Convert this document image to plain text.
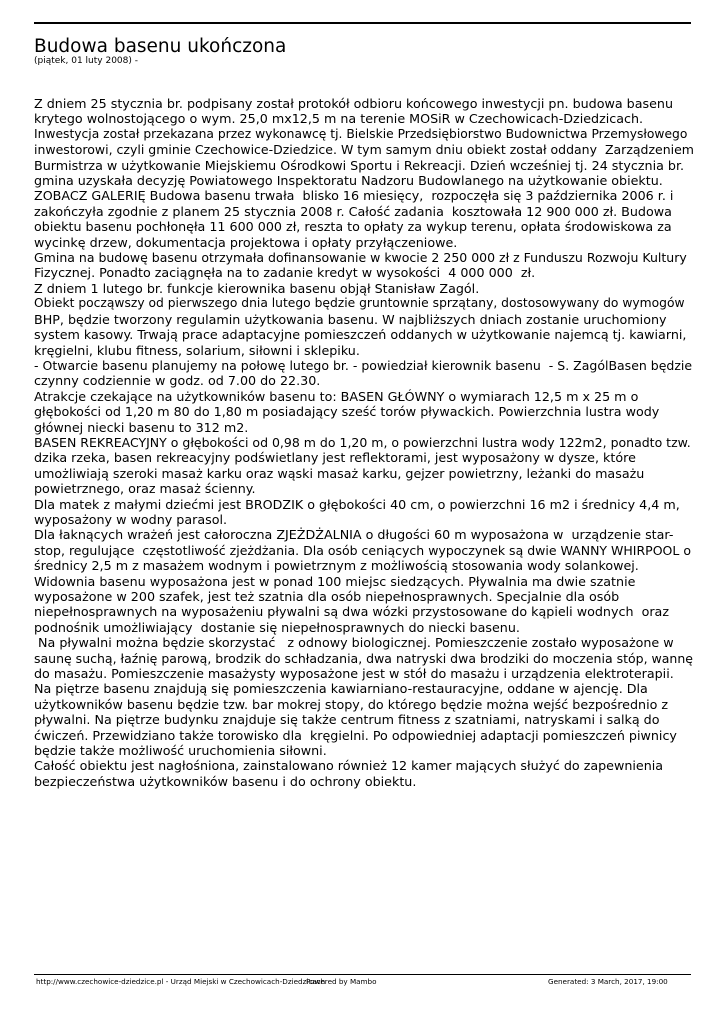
Budowa basenu ukończona
(piątek, 01 luty 2008) -
Z dniem 25 stycznia br. podpisany został protokół odbioru końcowego inwestycji pn. budowa basenu
krytego wolnostojącego o wym. 25,0 mx12,5 m na terenie MOSiR w Czechowicach-Dziedzicach.
Inwestycja został przekazana przez wykonawcę tj. Bielskie Przedsiębiorstwo Budownictwa Przemysłowego
inwestorowi, czyli gminie Czechowice-Dziedzice. W tym samym dniu obiekt został oddany  Zarządzeniem
Burmistrza w użytkowanie Miejskiemu Ośrodkowi Sportu i Rekreacji. Dzień wcześniej tj. 24 stycznia br.
gmina uzyskała decyzję Powiatowego Inspektoratu Nadzoru Budowlanego na użytkowanie obiektu.
ZOBACZ GALERIĘ Budowa basenu trwała  blisko 16 miesięcy,  rozpoczęła się 3 października 2006 r. i
zakończyła zgodnie z planem 25 stycznia 2008 r. Całość zadania  kosztowała 12 900 000 zł. Budowa
obiektu basenu pochłonęła 11 600 000 zł, reszta to opłaty za wykup terenu, opłata środowiskowa za
wycinkę drzew, dokumentacja projektowa i opłaty przyłączeniowe.
Gmina na budowę basenu otrzymała dofinansowanie w kwocie 2 250 000 zł z Funduszu Rozwoju Kultury
Fizycznej. Ponadto zaciągnęła na to zadanie kredyt w wysokości  4 000 000  zł.
Z dniem 1 lutego br. funkcje kierownika basenu objął Stanisław Zagól.
Obiekt począwszy od pierwszego dnia lutego będzie gruntownie sprzątany, dostosowywany do wymogów
BHP, będzie tworzony regulamin użytkowania basenu. W najbliższych dniach zostanie uruchomiony
system kasowy. Trwają prace adaptacyjne pomieszczeń oddanych w użytkowanie najemcą tj. kawiarni,
kręgielni, klubu fitness, solarium, siłowni i sklepiku.
- Otwarcie basenu planujemy na połowę lutego br. - powiedział kierownik basenu  - S. ZagólBasen będzie
czynny codziennie w godz. od 7.00 do 22.30.
Atrakcje czekające na użytkowników basenu to: BASEN GŁÓWNY o wymiarach 12,5 m x 25 m o
głębokości od 1,20 m 80 do 1,80 m posiadający sześć torów pływackich. Powierzchnia lustra wody
głównej niecki basenu to 312 m2.
BASEN REKREACYJNY o głębokości od 0,98 m do 1,20 m, o powierzchni lustra wody 122m2, ponadto tzw.
dzika rzeka, basen rekreacyjny podświetlany jest reflektorami, jest wyposażony w dysze, które
umożliwiają szeroki masaż karku oraz wąski masaż karku, gejzer powietrzny, leżanki do masażu
powietrznego, oraz masaż ścienny.
Dla matek z małymi dziećmi jest BRODZIK o głębokości 40 cm, o powierzchni 16 m2 i średnicy 4,4 m,
wyposażony w wodny parasol.
Dla łaknących wrażeń jest całoroczna ZJEŻDŻALNIA o długości 60 m wyposażona w  urządzenie star-
stop, regulujące  częstotliwość zjeżdżania. Dla osób ceniących wypoczynek są dwie WANNY WHIRPOOL o
średnicy 2,5 m z masażem wodnym i powietrznym z możliwością stosowania wody solankowej.
Widownia basenu wyposażona jest w ponad 100 miejsc siedzących. Pływalnia ma dwie szatnie
wyposażone w 200 szafek, jest też szatnia dla osób niepełnosprawnych. Specjalnie dla osób
niepełnosprawnych na wyposażeniu pływalni są dwa wózki przystosowane do kąpieli wodnych  oraz
podnośnik umożliwiający  dostanie się niepełnosprawnych do niecki basenu.
Na pływalni można będzie skorzystać   z odnowy biologicznej. Pomieszczenie zostało wyposażone w
saunę suchą, łaźnię parową, brodzik do schładzania, dwa natryski dwa brodziki do moczenia stóp, wannę
do masażu. Pomieszczenie masażysty wyposażone jest w stół do masażu i urządzenia elektroterapii.
Na piętrze basenu znajdują się pomieszczenia kawiarniano-restauracyjne, oddane w ajencję. Dla
użytkowników basenu będzie tzw. bar mokrej stopy, do którego będzie można wejść bezpośrednio z
pływalni. Na piętrze budynku znajduje się także centrum fitness z szatniami, natryskami i salką do
ćwiczeń. Przewidziano także torowisko dla  kręgielni. Po odpowiedniej adaptacji pomieszczeń piwnicy
będzie także możliwość uruchomienia siłowni.
Całość obiektu jest nagłośniona, zainstalowano również 12 kamer mających służyć do zapewnienia
bezpieczeństwa użytkowników basenu i do ochrony obiektu.
http://www.czechowice-dziedzice.pl - Urząd Miejski w Czechowicach-Dziedzicach
Powered by Mambo	Generated: 3 March, 2017, 19:00
